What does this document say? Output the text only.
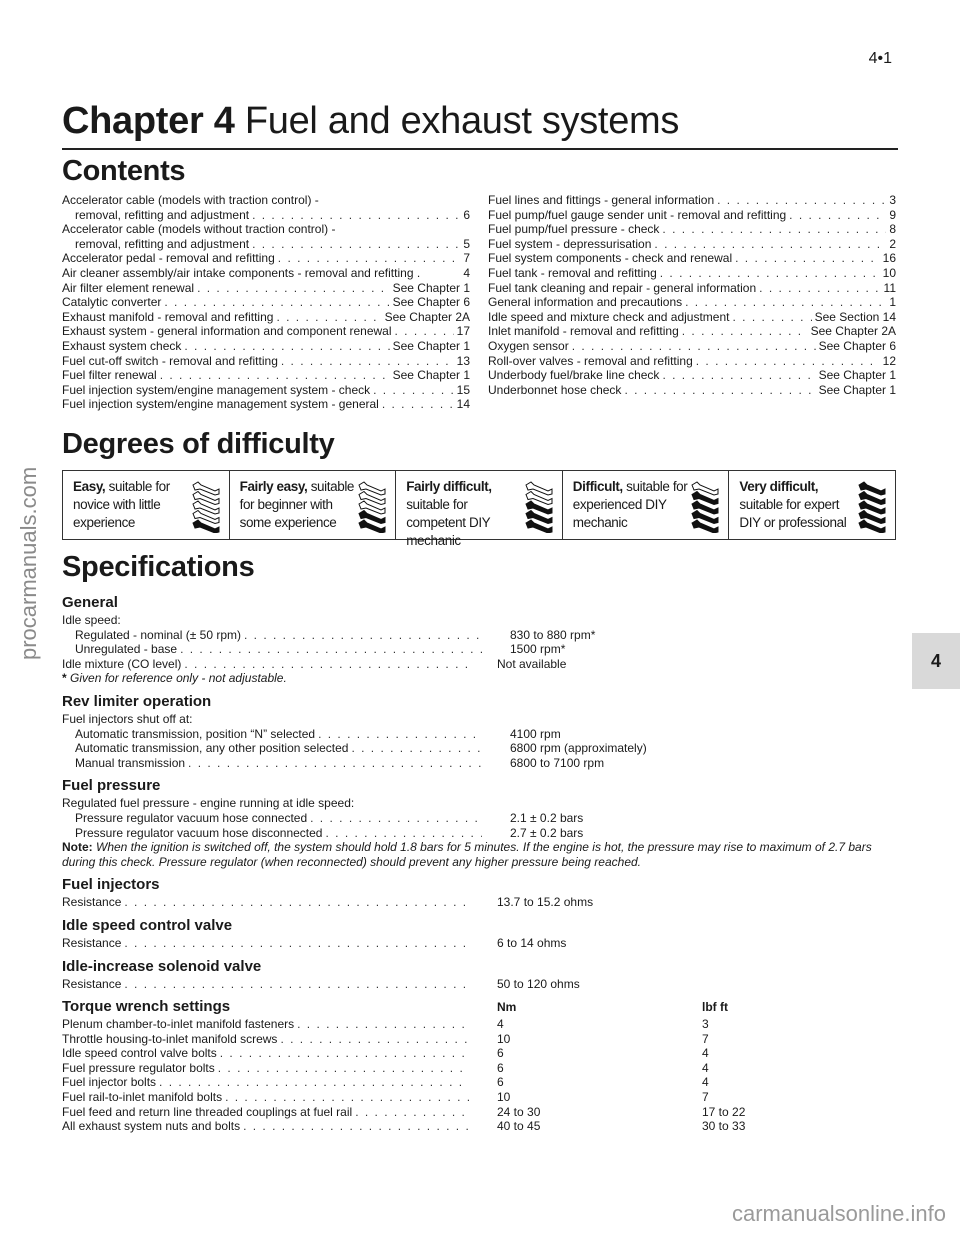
4•1
Chapter 4 Fuel and exhaust systems
procarmanuals.com
4
Contents
Accelerator cable (models with traction control) -
removal, refitting and adjustment . . .	6
Accelerator cable (models without traction control) -
removal, refitting and adjustment . . .	5
Accelerator pedal - removal and refitting . . .	7
Air cleaner assembly/air intake components - removal and refitting .	4
Air filter element renewal . . .	See Chapter 1
Catalytic converter . . .	See Chapter 6
Exhaust manifold - removal and refitting . . .	See Chapter 2A
Exhaust system - general information and component renewal . . .	17
Exhaust system check . . .	See Chapter 1
Fuel cut-off switch - removal and refitting . . .	13
Fuel filter renewal . . .	See Chapter 1
Fuel injection system/engine management system - check . . .	15
Fuel injection system/engine management system - general . . .	14
Fuel lines and fittings - general information . . .	3
Fuel pump/fuel gauge sender unit - removal and refitting . . .	9
Fuel pump/fuel pressure - check . . .	8
Fuel system - depressurisation . . .	2
Fuel system components - check and renewal . . .	16
Fuel tank - removal and refitting . . .	10
Fuel tank cleaning and repair - general information . . .	11
General information and precautions . . .	1
Idle speed and mixture check and adjustment . . .	See Section 14
Inlet manifold - removal and refitting . . .	See Chapter 2A
Oxygen sensor . . .	See Chapter 6
Roll-over valves - removal and refitting . . .	12
Underbody fuel/brake line check . . .	See Chapter 1
Underbonnet hose check . . .	See Chapter 1
Degrees of difficulty
Easy, suitable for novice with little experience
Fairly easy, suitable for beginner with some experience
Fairly difficult, suitable for competent DIY mechanic
Difficult, suitable for experienced DIY mechanic
Very difficult, suitable for expert DIY or professional
Specifications
General
Idle speed:
Regulated - nominal (± 50 rpm) . . .	830 to 880 rpm*
Unregulated - base . . .	1500 rpm*
Idle mixture (CO level) . . .	Not available
* Given for reference only - not adjustable.
Rev limiter operation
Fuel injectors shut off at:
Automatic transmission, position “N” selected . . .	4100 rpm
Automatic transmission, any other position selected . . .	6800 rpm (approximately)
Manual transmission . . .	6800 to 7100 rpm
Fuel pressure
Regulated fuel pressure - engine running at idle speed:
Pressure regulator vacuum hose connected . . .	2.1 ± 0.2 bars
Pressure regulator vacuum hose disconnected . . .	2.7 ± 0.2 bars
Note: When the ignition is switched off, the system should hold 1.8 bars for 5 minutes. If the engine is hot, the pressure may rise to maximum of 2.7 bars during this check. Pressure regulator (when reconnected) should prevent any higher pressure being reached.
Fuel injectors
Resistance . . .	13.7 to 15.2 ohms
Idle speed control valve
Resistance . . .	6 to 14 ohms
Idle-increase solenoid valve
Resistance . . .	50 to 120 ohms
Torque wrench settings	Nm	lbf ft
Plenum chamber-to-inlet manifold fasteners . . .	4	3
Throttle housing-to-inlet manifold screws . . .	10	7
Idle speed control valve bolts . . .	6	4
Fuel pressure regulator bolts . . .	6	4
Fuel injector bolts . . .	6	4
Fuel rail-to-inlet manifold bolts . . .	10	7
Fuel feed and return line threaded couplings at fuel rail . . .	24 to 30	17 to 22
All exhaust system nuts and bolts . . .	40 to 45	30 to 33
carmanualsonline.info
